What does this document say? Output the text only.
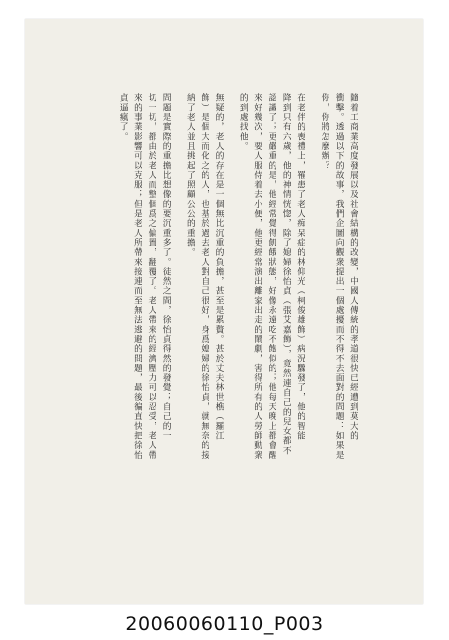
隨着工商業高度發展以及社會結構的改變，中國人傳統的孝道很快已經遭到莫大的
衝擊。透過以下的故事，我們企圖向觀衆提出一個處擾而不得不去面對的問題：如果是
你，你將怎麼辦？
在老伴的喪禮上，罹患了老人痴呆症的林仰光（柯俊雄飾）病況驟發了，他的智能
降到只有六歲，他的神情恍惚，除了媳婦徐怡貞（張艾嘉飾），竟然連自己的兒女都不
認識了；更嚴重的是，他經常覺得飢餓狀態，好像永遠吃不飽似的；他每天晚上都會醒
來好幾次，要人服侍着去小便，他更經常演出離家出走的鬧劇，害得所有的人勞師動衆
的到處找他。
無疑的，老人的存在是一個無比沉重的負擔，甚至是累贅。甚於丈夫林世樵（羅江
飾）是個大而化之的人，也基於過去老人對自己很好，身爲媳婦的徐怡貞，就無奈的接
納了老人並且挑起了照顧公公的重擔。
問題是實際的重擔比想像的要沉重多了。徒然之間，徐怡貞得然的發覺；自己的一
切一切，都由於老人而整個爲之偏置，翻覆了。老人帶來的經濟壓力可以忍受，老人帶
來的事業影響可以克服；但是老人所帶來接連而至無法逃避的問題，最後徧直快把徐怡
貞逼瘋了。
20060060110_P003
